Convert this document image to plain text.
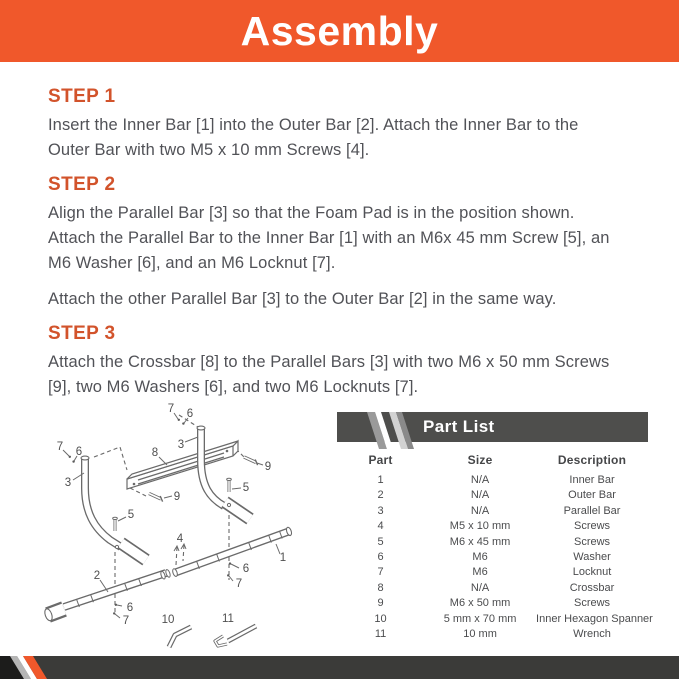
Assembly
STEP 1

Insert the Inner Bar [1] into the Outer Bar [2]. Attach the Inner Bar to the Outer Bar with two M5 x 10 mm Screws [4].

STEP 2

Align the Parallel Bar [3] so that the Foam Pad is in the position shown. Attach the Parallel Bar to the Inner Bar [1] with an M6x 45 mm Screw [5], an M6 Washer [6], and an M6 Locknut [7].

Attach the other Parallel Bar [3] to the Outer Bar [2] in the same way.

STEP 3

Attach the Crossbar [8] to the Parallel Bars [3] with two M6 x 50 mm Screws [9], two M6 Washers [6], and two M6 Locknuts [7].

7 6
3
8
9
7 6
3
9
5
5
4
1
2
6
7
6
7	10	11
Part List
Part	Size	Description
1	N/A	Inner Bar
2	N/A	Outer Bar
3	N/A	Parallel Bar
4	M5 x 10 mm	Screws
5	M6 x 45 mm	Screws
6	M6	Washer
7	M6	Locknut
8	N/A	Crossbar
9	M6 x 50 mm	Screws
10	5 mm x 70 mm	Inner Hexagon Spanner
11	10 mm	Wrench
